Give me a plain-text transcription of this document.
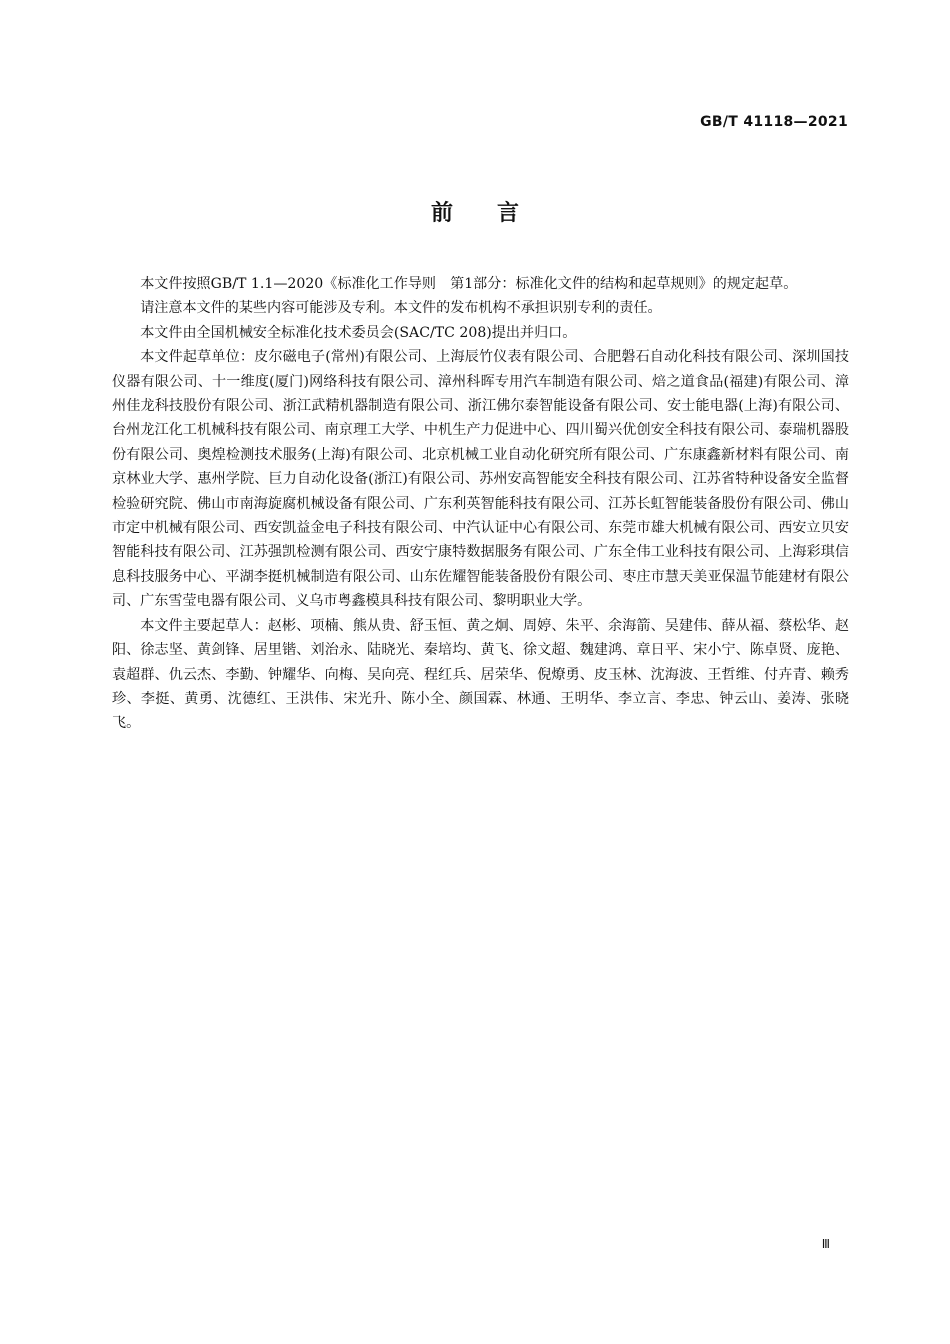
GB/T 41118—2021
前言

本文件按照GB/T 1.1—2020《标准化工作导则　第1部分：标准化文件的结构和起草规则》的规定起草。

请注意本文件的某些内容可能涉及专利。本文件的发布机构不承担识别专利的责任。

本文件由全国机械安全标准化技术委员会(SAC/TC 208)提出并归口。

本文件起草单位：皮尔磁电子(常州)有限公司、上海辰竹仪表有限公司、合肥磐石自动化科技有限公司、深圳国技仪器有限公司、十一维度(厦门)网络科技有限公司、漳州科晖专用汽车制造有限公司、焙之道食品(福建)有限公司、漳州佳龙科技股份有限公司、浙江武精机器制造有限公司、浙江佛尔泰智能设备有限公司、安士能电器(上海)有限公司、台州龙江化工机械科技有限公司、南京理工大学、中机生产力促进中心、四川蜀兴优创安全科技有限公司、泰瑞机器股份有限公司、奥煌检测技术服务(上海)有限公司、北京机械工业自动化研究所有限公司、广东康鑫新材料有限公司、南京林业大学、惠州学院、巨力自动化设备(浙江)有限公司、苏州安高智能安全科技有限公司、江苏省特种设备安全监督检验研究院、佛山市南海旋腐机械设备有限公司、广东利英智能科技有限公司、江苏长虹智能装备股份有限公司、佛山市定中机械有限公司、西安凯益金电子科技有限公司、中汽认证中心有限公司、东莞市雄大机械有限公司、西安立贝安智能科技有限公司、江苏强凯检测有限公司、西安宁康特数据服务有限公司、广东全伟工业科技有限公司、上海彩琪信息科技服务中心、平湖李挺机械制造有限公司、山东佐耀智能装备股份有限公司、枣庄市慧天美亚保温节能建材有限公司、广东雪莹电器有限公司、义乌市粤鑫模具科技有限公司、黎明职业大学。

本文件主要起草人：赵彬、项楠、熊从贵、舒玉恒、黄之炯、周婷、朱平、余海箭、吴建伟、薛从福、蔡松华、赵阳、徐志坚、黄剑锋、居里锴、刘治永、陆晓光、秦培均、黄飞、徐文超、魏建鸿、章日平、宋小宁、陈卓贤、庞艳、袁超群、仇云杰、李勤、钟耀华、向梅、吴向亮、程红兵、居荣华、倪燎勇、皮玉林、沈海波、王哲维、付卉青、赖秀珍、李挺、黄勇、沈德红、王洪伟、宋光升、陈小全、颜国霖、林通、王明华、李立言、李忠、钟云山、姜涛、张晓飞。

Ⅲ
